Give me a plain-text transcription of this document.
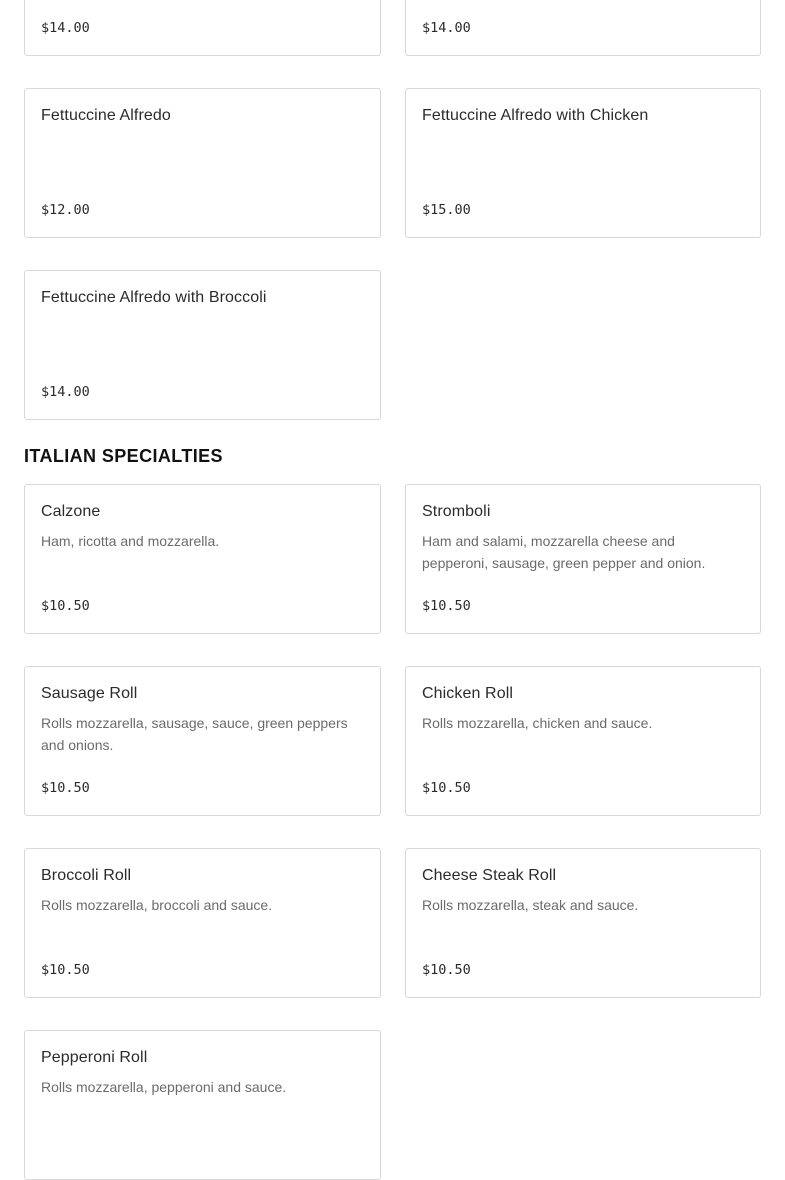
$14.00	$14.00
Fettuccine Alfredo
$12.00
Fettuccine Alfredo with Chicken
$15.00
Fettuccine Alfredo with Broccoli
$14.00
ITALIAN SPECIALTIES
Calzone
Ham, ricotta and mozzarella.
$10.50
Stromboli
Ham and salami, mozzarella cheese and pepperoni, sausage, green pepper and onion.
$10.50
Sausage Roll
Rolls mozzarella, sausage, sauce, green peppers and onions.
$10.50
Chicken Roll
Rolls mozzarella, chicken and sauce.
$10.50
Broccoli Roll
Rolls mozzarella, broccoli and sauce.
$10.50
Cheese Steak Roll
Rolls mozzarella, steak and sauce.
$10.50
Pepperoni Roll
Rolls mozzarella, pepperoni and sauce.
